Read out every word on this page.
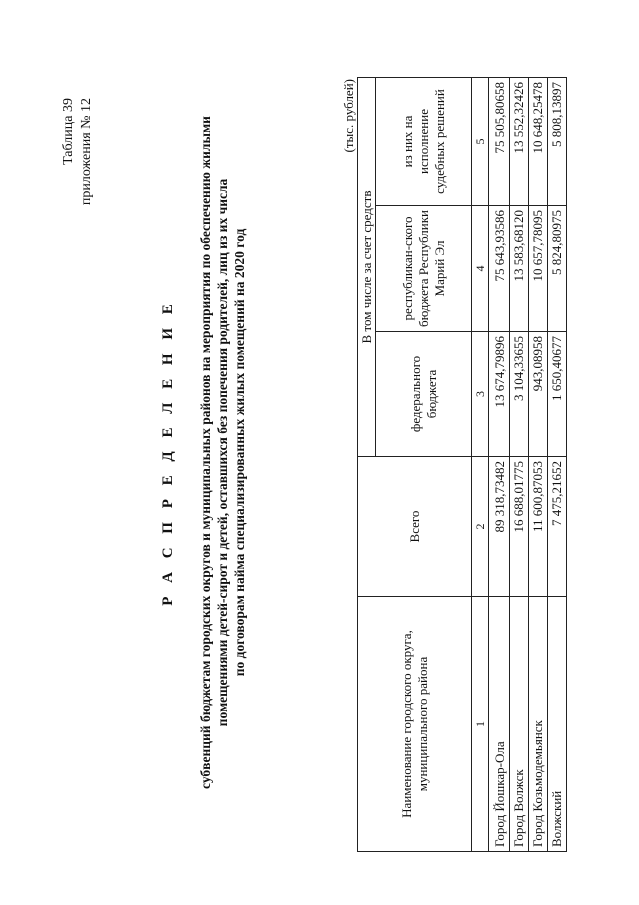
Таблица 39 приложения № 12
Р А С П Р Е Д Е Л Е Н И Е субвенций бюджетам городских округов и муниципальных районов на мероприятия по обеспечению жилыми помещениями детей-сирот и детей, оставшихся без попечения родителей, лиц из их числа по договорам найма специализированных жилых помещений на 2020 год
(тыс. рублей)
Наименование городского округа, муниципального района	Всего	В том числе за счет средств		
		федерального бюджета	республикан-ского бюджета Республики Марий Эл	из них на исполнение судебных решений
1	2	3	4	5
Город Йошкар-Ола	89 318,73482	13 674,79896	75 643,93586	75 505,80658
Город Волжск	16 688,01775	3 104,33655	13 583,68120	13 552,32426
Город Козьмодемьянск	11 600,87053	943,08958	10 657,78095	10 648,25478
Волжский	7 475,21652	1 650,40677	5 824,80975	5 808,13897
